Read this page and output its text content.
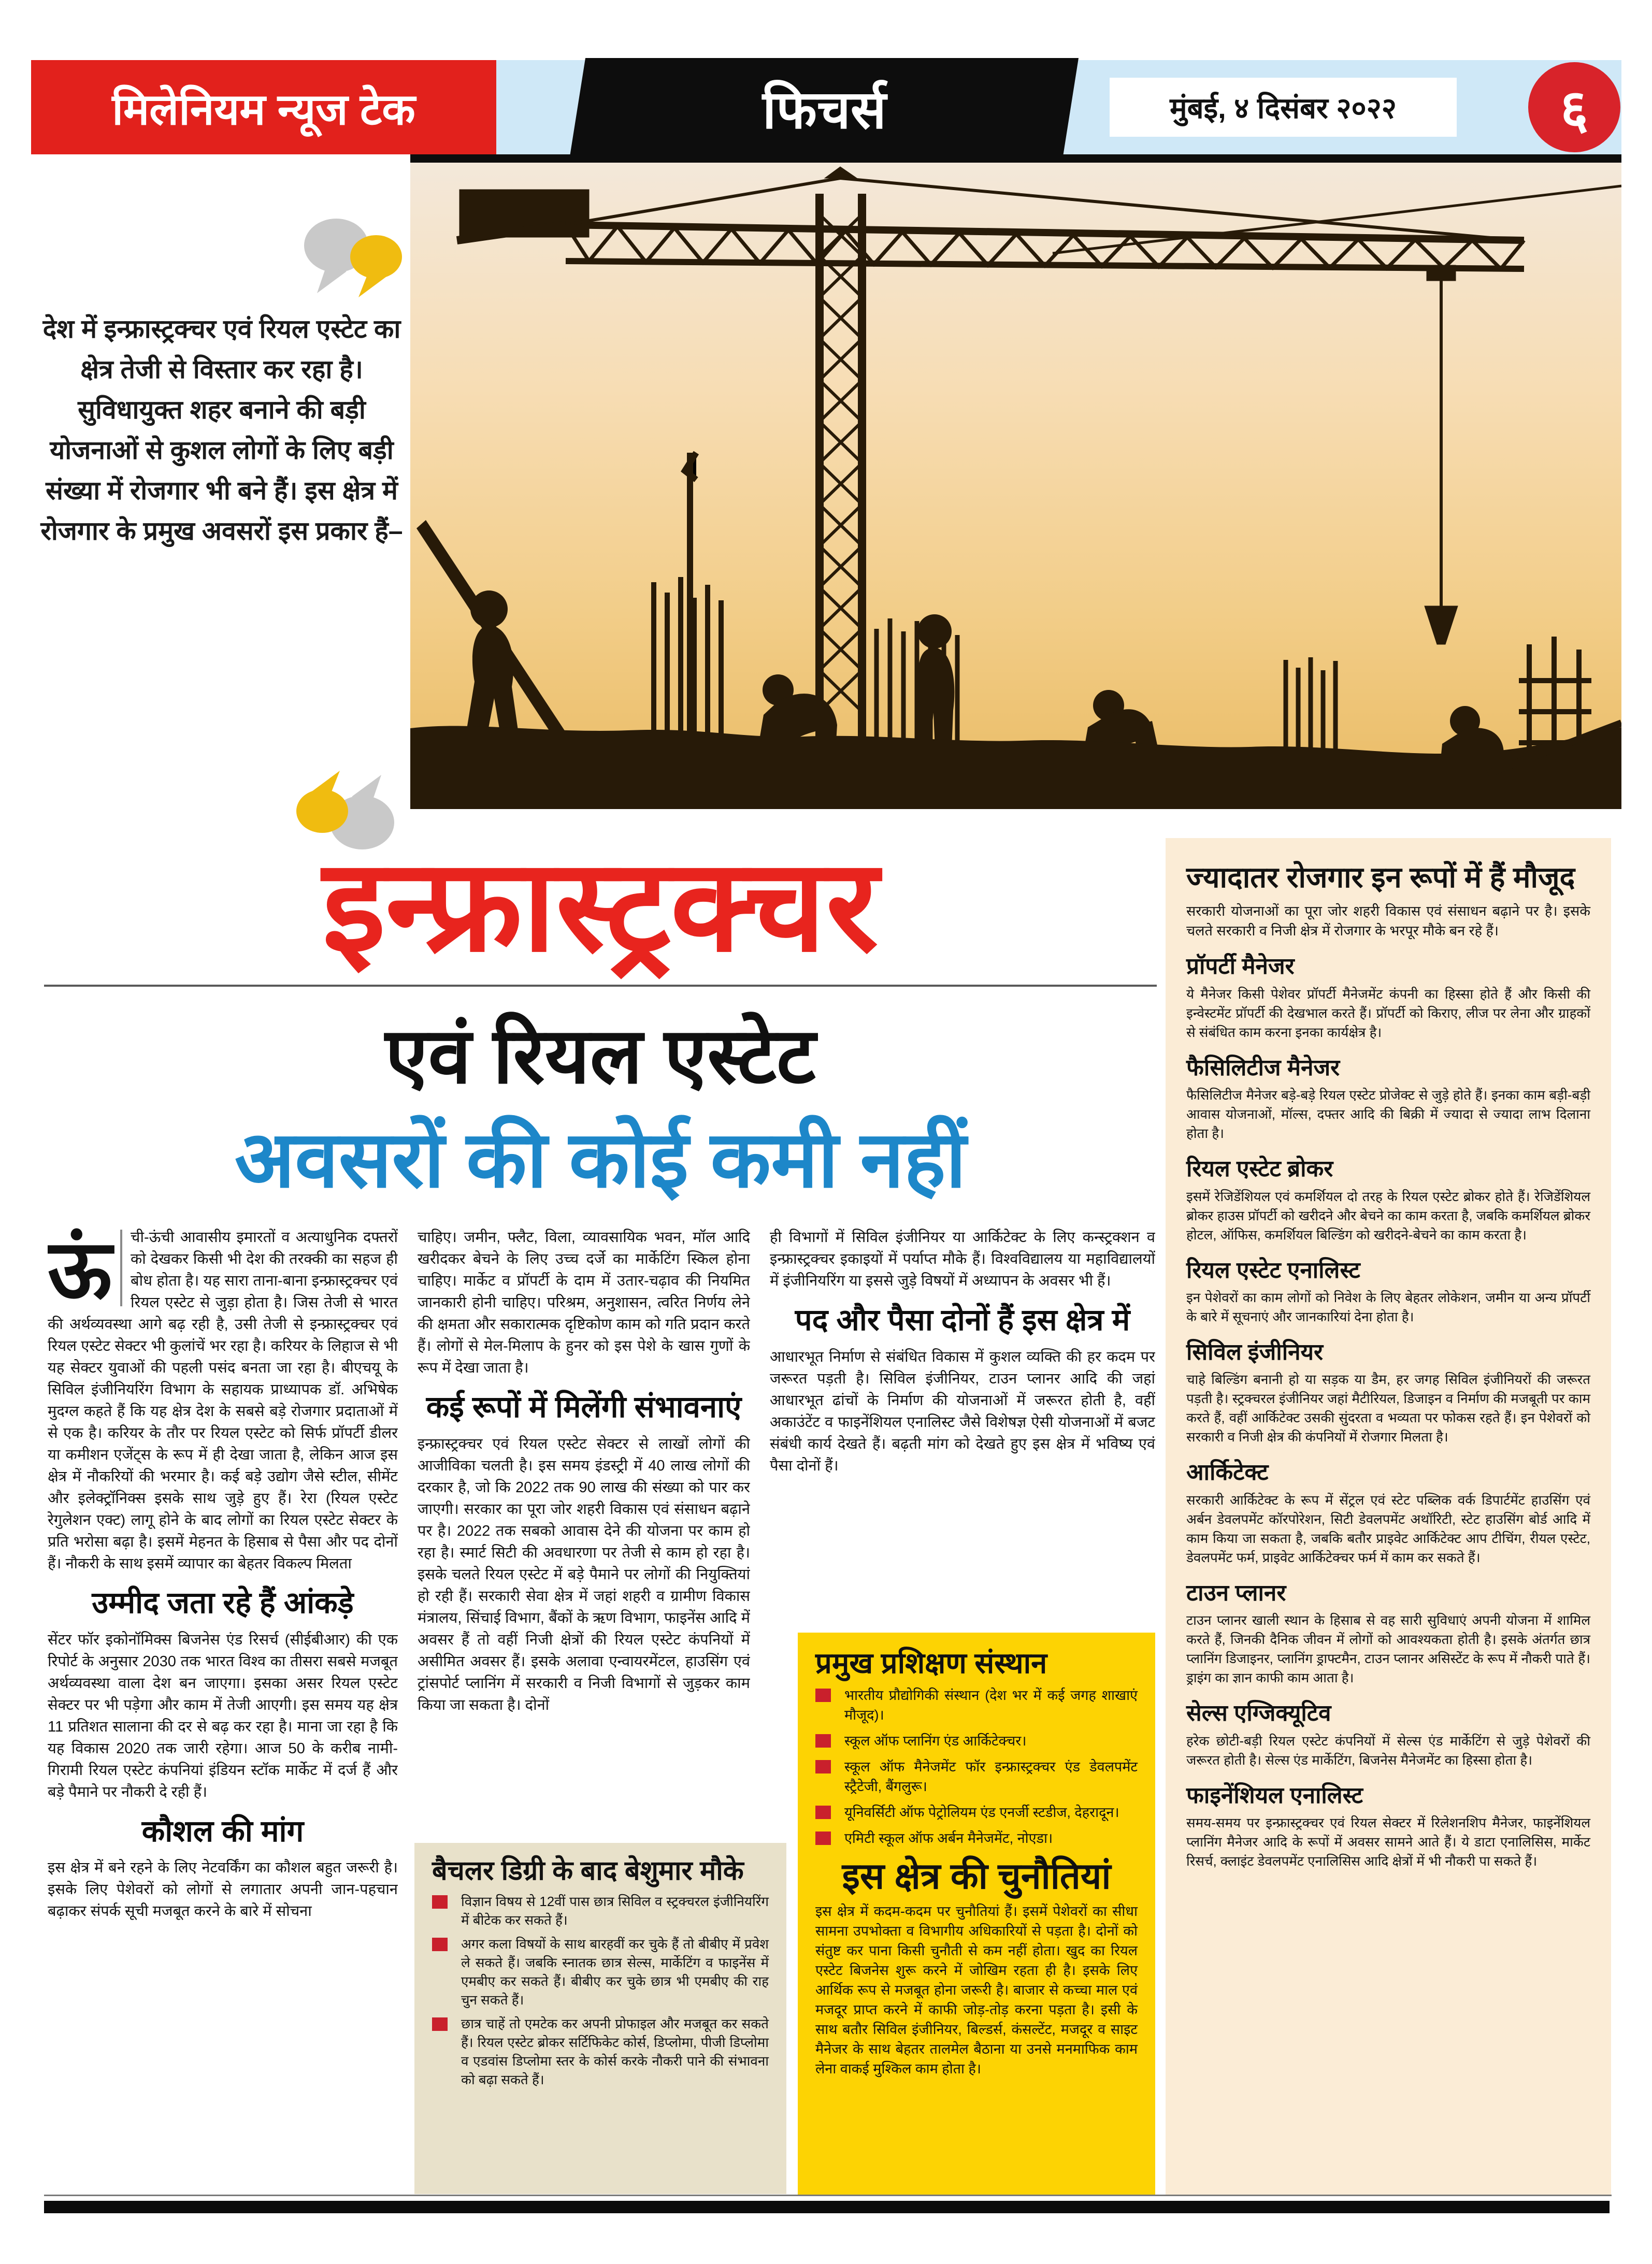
मिलेनियम न्यूज टेक	फिचर्स	मुंबई, ४ दिसंबर २०२२	६
देश में इन्फ्रास्ट्रक्चर एवं रियल एस्टेट का क्षेत्र तेजी से विस्तार कर रहा है। सुविधायुक्त शहर बनाने की बड़ी योजनाओं से कुशल लोगों के लिए बड़ी संख्या में रोजगार भी बने हैं। इस क्षेत्र में रोजगार के प्रमुख अवसरों इस प्रकार हैं–
इन्फ्रास्ट्रक्चर
एवं रियल एस्टेट
अवसरों की कोई कमी नहीं
ऊं	ची-ऊंची आवासीय इमारतों व अत्याधुनिक दफ्तरों को देखकर किसी भी देश की तरक्की का सहज ही बोध होता है। यह सारा ताना-बाना इन्फ्रास्ट्रक्चर एवं रियल एस्टेट से जुड़ा होता है। जिस तेजी से भारत की अर्थव्यवस्था आगे बढ़ रही है, उसी तेजी से इन्फ्रास्ट्रक्चर एवं रियल एस्टेट सेक्टर भी कुलांचें भर रहा है। करियर के लिहाज से भी यह सेक्टर युवाओं की पहली पसंद बनता जा रहा है। बीएचयू के सिविल इंजीनियरिंग विभाग के सहायक प्राध्यापक डॉ. अभिषेक मुदग्ल कहते हैं कि यह क्षेत्र देश के सबसे बड़े रोजगार प्रदाताओं में से एक है। करियर के तौर पर रियल एस्टेट को सिर्फ प्रॉपर्टी डीलर या कमीशन एजेंट्स के रूप में ही देखा जाता है, लेकिन आज इस क्षेत्र में नौकरियों की भरमार है। कई बड़े उद्योग जैसे स्टील, सीमेंट और इलेक्ट्रॉनिक्स इसके साथ जुड़े हुए हैं। रेरा (रियल एस्टेट रेगुलेशन एक्ट) लागू होने के बाद लोगों का रियल एस्टेट सेक्टर के प्रति भरोसा बढ़ा है। इसमें मेहनत के हिसाब से पैसा और पद दोनों हैं। नौकरी के साथ इसमें व्यापार का बेहतर विकल्प मिलता

उम्मीद जता रहे हैं आंकड़े

सेंटर फॉर इकोनॉमिक्स बिजनेस एंड रिसर्च (सीईबीआर) की एक रिपोर्ट के अनुसार 2030 तक भारत विश्व का तीसरा सबसे मजबूत अर्थव्यवस्था वाला देश बन जाएगा। इसका असर रियल एस्टेट सेक्टर पर भी पड़ेगा और काम में तेजी आएगी। इस समय यह क्षेत्र 11 प्रतिशत सालाना की दर से बढ़ कर रहा है। माना जा रहा है कि यह विकास 2020 तक जारी रहेगा। आज 50 के करीब नामी-गिरामी रियल एस्टेट कंपनियां इंडियन स्टॉक मार्केट में दर्ज हैं और बड़े पैमाने पर नौकरी दे रही हैं।

कौशल की मांग

इस क्षेत्र में बने रहने के लिए नेटवर्किंग का कौशल बहुत जरूरी है। इसके लिए पेशेवरों को लोगों से लगातार अपनी जान-पहचान बढ़ाकर संपर्क सूची मजबूत करने के बारे में सोचना

चाहिए। जमीन, फ्लैट, विला, व्यावसायिक भवन, मॉल आदि खरीदकर बेचने के लिए उच्च दर्जे का मार्केटिंग स्किल होना चाहिए। मार्केट व प्रॉपर्टी के दाम में उतार-चढ़ाव की नियमित जानकारी होनी चाहिए। परिश्रम, अनुशासन, त्वरित निर्णय लेने की क्षमता और सकारात्मक दृष्टिकोण काम को गति प्रदान करते हैं। लोगों से मेल-मिलाप के हुनर को इस पेशे के खास गुणों के रूप में देखा जाता है।

कई रूपों में मिलेंगी संभावनाएं

इन्फ्रास्ट्रक्चर एवं रियल एस्टेट सेक्टर से लाखों लोगों की आजीविका चलती है। इस समय इंडस्ट्री में 40 लाख लोगों की दरकार है, जो कि 2022 तक 90 लाख की संख्या को पार कर जाएगी। सरकार का पूरा जोर शहरी विकास एवं संसाधन बढ़ाने पर है। 2022 तक सबको आवास देने की योजना पर काम हो रहा है। स्मार्ट सिटी की अवधारणा पर तेजी से काम हो रहा है। इसके चलते रियल एस्टेट में बड़े पैमाने पर लोगों की नियुक्तियां हो रही हैं। सरकारी सेवा क्षेत्र में जहां शहरी व ग्रामीण विकास मंत्रालय, सिंचाई विभाग, बैंकों के ऋण विभाग, फाइनेंस आदि में अवसर हैं तो वहीं निजी क्षेत्रों की रियल एस्टेट कंपनियों में असीमित अवसर हैं। इसके अलावा एन्वायरमेंटल, हाउसिंग एवं ट्रांसपोर्ट प्लानिंग में सरकारी व निजी विभागों से जुड़कर काम किया जा सकता है। दोनों

ही विभागों में सिविल इंजीनियर या आर्किटेक्ट के लिए कन्स्ट्रक्शन व इन्फ्रास्ट्रक्चर इकाइयों में पर्याप्त मौके हैं। विश्वविद्यालय या महाविद्यालयों में इंजीनियरिंग या इससे जुड़े विषयों में अध्यापन के अवसर भी हैं।

पद और पैसा दोनों हैं इस क्षेत्र में

आधारभूत निर्माण से संबंधित विकास में कुशल व्यक्ति की हर कदम पर जरूरत पड़ती है। सिविल इंजीनियर, टाउन प्लानर आदि की जहां आधारभूत ढांचों के निर्माण की योजनाओं में जरूरत होती है, वहीं अकाउंटेंट व फाइनेंशियल एनालिस्ट जैसे विशेषज्ञ ऐसी योजनाओं में बजट संबंधी कार्य देखते हैं। बढ़ती मांग को देखते हुए इस क्षेत्र में भविष्य एवं पैसा दोनों हैं।

बैचलर डिग्री के बाद बेशुमार मौके
विज्ञान विषय से 12वीं पास छात्र सिविल व स्ट्रक्चरल इंजीनियरिंग में बीटेक कर सकते हैं।
अगर कला विषयों के साथ बारहवीं कर चुके हैं तो बीबीए में प्रवेश ले सकते हैं। जबकि स्नातक छात्र सेल्स, मार्केटिंग व फाइनेंस में एमबीए कर सकते हैं। बीबीए कर चुके छात्र भी एमबीए की राह चुन सकते हैं।
छात्र चाहें तो एमटेक कर अपनी प्रोफाइल और मजबूत कर सकते हैं। रियल एस्टेट ब्रोकर सर्टिफिकेट कोर्स, डिप्लोमा, पीजी डिप्लोमा व एडवांस डिप्लोमा स्तर के कोर्स करके नौकरी पाने की संभावना को बढ़ा सकते हैं।
प्रमुख प्रशिक्षण संस्थान
भारतीय प्रौद्योगिकी संस्थान (देश भर में कई जगह शाखाएं मौजूद)।
स्कूल ऑफ प्लानिंग एंड आर्किटेक्चर।
स्कूल ऑफ मैनेजमेंट फॉर इन्फ्रास्ट्रक्चर एंड डेवलपमेंट स्ट्रैटेजी, बैंगलुरू।
यूनिवर्सिटी ऑफ पेट्रोलियम एंड एनर्जी स्टडीज, देहरादून।
एमिटी स्कूल ऑफ अर्बन मैनेजमेंट, नोएडा।
इस क्षेत्र की चुनौतियां

इस क्षेत्र में कदम-कदम पर चुनौतियां हैं। इसमें पेशेवरों का सीधा सामना उपभोक्ता व विभागीय अधिकारियों से पड़ता है। दोनों को संतुष्ट कर पाना किसी चुनौती से कम नहीं होता। खुद का रियल एस्टेट बिजनेस शुरू करने में जोखिम रहता ही है। इसके लिए आर्थिक रूप से मजबूत होना जरूरी है। बाजार से कच्चा माल एवं मजदूर प्राप्त करने में काफी जोड़-तोड़ करना पड़ता है। इसी के साथ बतौर सिविल इंजीनियर, बिल्डर्स, कंसल्टेंट, मजदूर व साइट मैनेजर के साथ बेहतर तालमेल बैठाना या उनसे मनमाफिक काम लेना वाकई मुश्किल काम होता है।

ज्यादातर रोजगार इन रूपों में हैं मौजूद

सरकारी योजनाओं का पूरा जोर शहरी विकास एवं संसाधन बढ़ाने पर है। इसके चलते सरकारी व निजी क्षेत्र में रोजगार के भरपूर मौके बन रहे हैं।

प्रॉपर्टी मैनेजर

ये मैनेजर किसी पेशेवर प्रॉपर्टी मैनेजमेंट कंपनी का हिस्सा होते हैं और किसी की इन्वेस्टमेंट प्रॉपर्टी की देखभाल करते हैं। प्रॉपर्टी को किराए, लीज पर लेना और ग्राहकों से संबंधित काम करना इनका कार्यक्षेत्र है।

फैसिलिटीज मैनेजर

फैसिलिटीज मैनेजर बड़े-बड़े रियल एस्टेट प्रोजेक्ट से जुड़े होते हैं। इनका काम बड़ी-बड़ी आवास योजनाओं, मॉल्स, दफ्तर आदि की बिक्री में ज्यादा से ज्यादा लाभ दिलाना होता है।

रियल एस्टेट ब्रोकर

इसमें रेजिडेंशियल एवं कमर्शियल दो तरह के रियल एस्टेट ब्रोकर होते हैं। रेजिडेंशियल ब्रोकर हाउस प्रॉपर्टी को खरीदने और बेचने का काम करता है, जबकि कमर्शियल ब्रोकर होटल, ऑफिस, कमर्शियल बिल्डिंग को खरीदने-बेचने का काम करता है।

रियल एस्टेट एनालिस्ट

इन पेशेवरों का काम लोगों को निवेश के लिए बेहतर लोकेशन, जमीन या अन्य प्रॉपर्टी के बारे में सूचनाएं और जानकारियां देना होता है।

सिविल इंजीनियर

चाहे बिल्डिंग बनानी हो या सड़क या डैम, हर जगह सिविल इंजीनियरों की जरूरत पड़ती है। स्ट्रक्चरल इंजीनियर जहां मैटीरियल, डिजाइन व निर्माण की मजबूती पर काम करते हैं, वहीं आर्किटेक्ट उसकी सुंदरता व भव्यता पर फोकस रहते हैं। इन पेशेवरों को सरकारी व निजी क्षेत्र की कंपनियों में रोजगार मिलता है।

आर्किटेक्ट

सरकारी आर्किटेक्ट के रूप में सेंट्रल एवं स्टेट पब्लिक वर्क डिपार्टमेंट हाउसिंग एवं अर्बन डेवलपमेंट कॉरपोरेशन, सिटी डेवलपमेंट अथॉरिटी, स्टेट हाउसिंग बोर्ड आदि में काम किया जा सकता है, जबकि बतौर प्राइवेट आर्किटेक्ट आप टीचिंग, रीयल एस्टेट, डेवलपमेंट फर्म, प्राइवेट आर्किटेक्चर फर्म में काम कर सकते हैं।

टाउन प्लानर

टाउन प्लानर खाली स्थान के हिसाब से वह सारी सुविधाएं अपनी योजना में शामिल करते हैं, जिनकी दैनिक जीवन में लोगों को आवश्यकता होती है। इसके अंतर्गत छात्र प्लानिंग डिजाइनर, प्लानिंग ड्राफ्टमैन, टाउन प्लानर असिस्टेंट के रूप में नौकरी पाते हैं। ड्राइंग का ज्ञान काफी काम आता है।

सेल्स एग्जिक्यूटिव

हरेक छोटी-बड़ी रियल एस्टेट कंपनियों में सेल्स एंड मार्केटिंग से जुड़े पेशेवरों की जरूरत होती है। सेल्स एंड मार्केटिंग, बिजनेस मैनेजमेंट का हिस्सा होता है।

फाइनेंशियल एनालिस्ट

समय-समय पर इन्फ्रास्ट्रक्चर एवं रियल सेक्टर में रिलेशनशिप मैनेजर, फाइनेंशियल प्लानिंग मैनेजर आदि के रूपों में अवसर सामने आते हैं। ये डाटा एनालिसिस, मार्केट रिसर्च, क्लाइंट डेवलपमेंट एनालिसिस आदि क्षेत्रों में भी नौकरी पा सकते हैं।
